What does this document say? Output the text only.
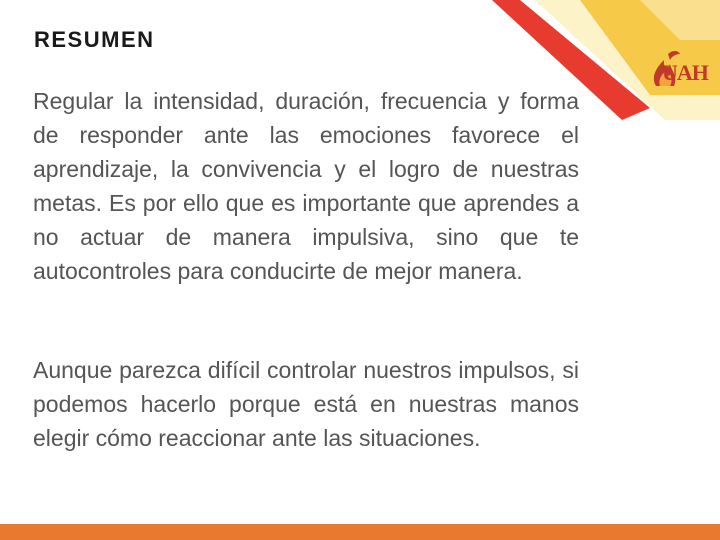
RESUMEN

Regular la intensidad, duración, frecuencia y forma de responder ante las emociones favorece el aprendizaje, la convivencia y el logro de nuestras metas. Es por ello que es importante que aprendes a no actuar de manera impulsiva, sino que te autocontroles para conducirte de mejor manera.

Aunque parezca difícil controlar nuestros impulsos, si podemos hacerlo porque está en nuestras manos elegir cómo reaccionar ante las situaciones.

UAH
